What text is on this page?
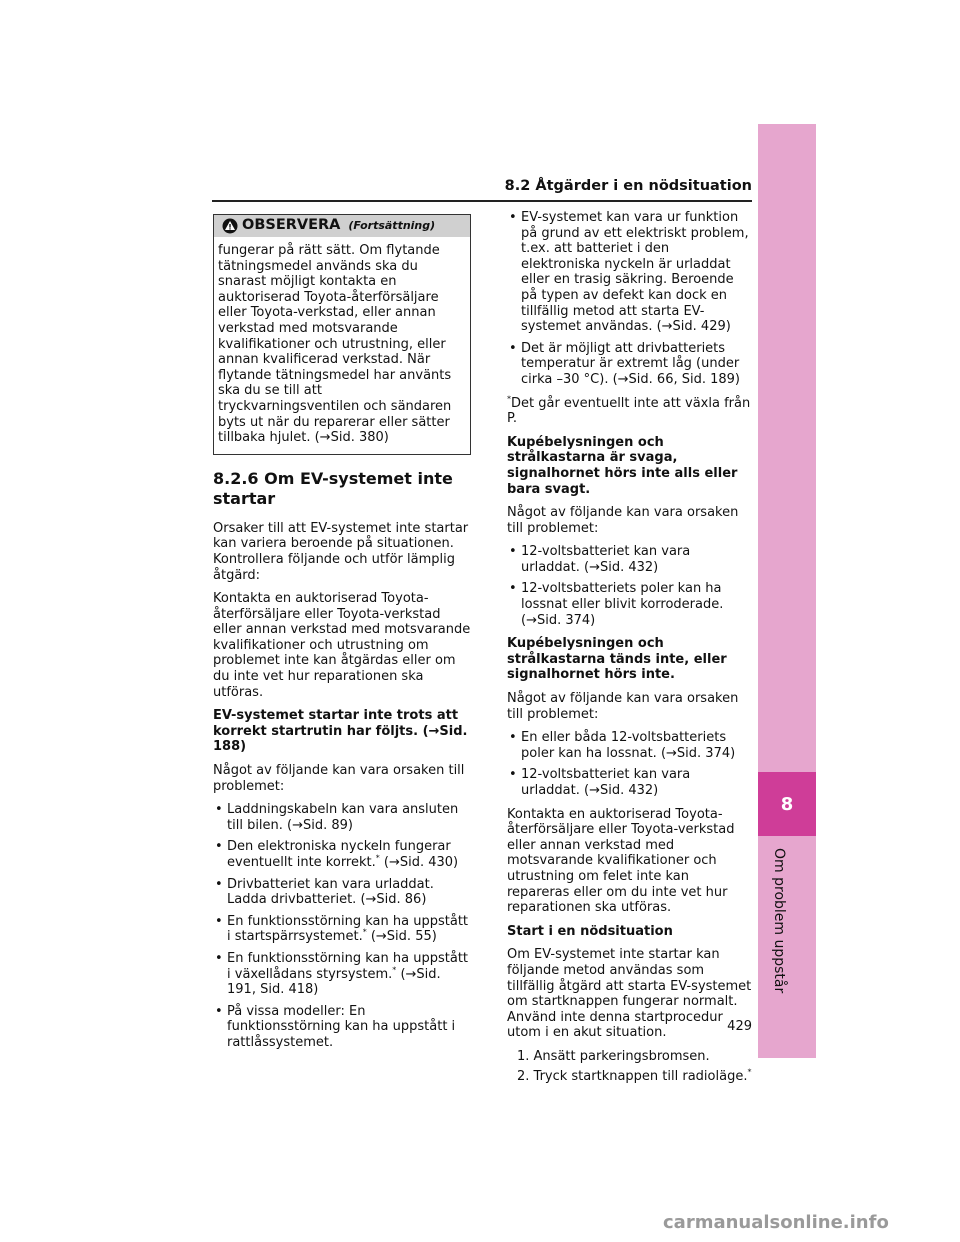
8.2 Åtgärder i en nödsituation
8
Om problem uppstår
OBSERVERA (Fortsättning)
fungerar på rätt sätt. Om flytande tätningsmedel används ska du snarast möjligt kontakta en auktoriserad Toyota-återförsäljare eller Toyota-verkstad, eller annan verkstad med motsvarande kvalifikationer och utrustning, eller annan kvalificerad verkstad. När flytande tätningsmedel har använts ska du se till att tryckvarningsventilen och sändaren byts ut när du reparerar eller sätter tillbaka hjulet. (→Sid. 380)
8.2.6 Om EV-systemet inte startar

Orsaker till att EV-systemet inte startar kan variera beroende på situationen. Kontrollera följande och utför lämplig åtgärd:

Kontakta en auktoriserad Toyota-återförsäljare eller Toyota-verkstad eller annan verkstad med motsvarande kvalifikationer och utrustning om problemet inte kan åtgärdas eller om du inte vet hur reparationen ska utföras.

EV-systemet startar inte trots att korrekt startrutin har följts. (→Sid. 188)

Något av följande kan vara orsaken till problemet:

• Laddningskabeln kan vara ansluten till bilen. (→Sid. 89)
• Den elektroniska nyckeln fungerar eventuellt inte korrekt.* (→Sid. 430)
• Drivbatteriet kan vara urladdat. Ladda drivbatteriet. (→Sid. 86)
• En funktionsstörning kan ha uppstått i startspärrsystemet.* (→Sid. 55)
• En funktionsstörning kan ha uppstått i växellådans styrsystem.* (→Sid. 191, Sid. 418)
• På vissa modeller: En funktionsstörning kan ha uppstått i rattlåssystemet.
• EV-systemet kan vara ur funktion på grund av ett elektriskt problem, t.ex. att batteriet i den elektroniska nyckeln är urladdat eller en trasig säkring. Beroende på typen av defekt kan dock en tillfällig metod att starta EV-systemet användas. (→Sid. 429)
• Det är möjligt att drivbatteriets temperatur är extremt låg (under cirka –30 °C). (→Sid. 66, Sid. 189)

*Det går eventuellt inte att växla från P.

Kupébelysningen och strålkastarna är svaga, signalhornet hörs inte alls eller bara svagt.

Något av följande kan vara orsaken till problemet:

• 12-voltsbatteriet kan vara urladdat. (→Sid. 432)
• 12-voltsbatteriets poler kan ha lossnat eller blivit korroderade. (→Sid. 374)

Kupébelysningen och strålkastarna tänds inte, eller signalhornet hörs inte.

Något av följande kan vara orsaken till problemet:

• En eller båda 12-voltsbatteriets poler kan ha lossnat. (→Sid. 374)
• 12-voltsbatteriet kan vara urladdat. (→Sid. 432)

Kontakta en auktoriserad Toyota-återförsäljare eller Toyota-verkstad eller annan verkstad med motsvarande kvalifikationer och utrustning om felet inte kan repareras eller om du inte vet hur reparationen ska utföras.

Start i en nödsituation

Om EV-systemet inte startar kan följande metod användas som tillfällig åtgärd att starta EV-systemet om startknappen fungerar normalt. Använd inte denna startprocedur utom i en akut situation.

1. Ansätt parkeringsbromsen.
2. Tryck startknappen till radioläge.*
429
carmanualsonline.info
